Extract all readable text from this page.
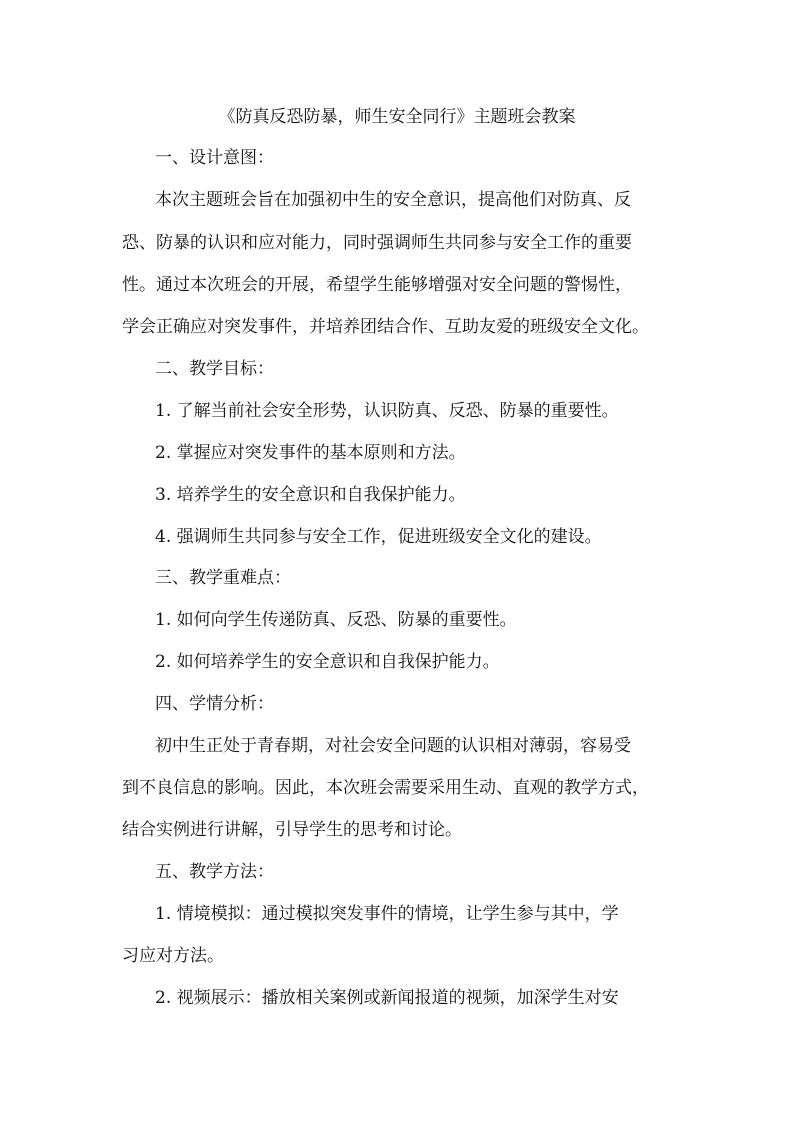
《防真反恐防暴，师生安全同行》主题班会教案
一、设计意图：
本次主题班会旨在加强初中生的安全意识，提高他们对防真、反
恐、防暴的认识和应对能力，同时强调师生共同参与安全工作的重要
性。通过本次班会的开展，希望学生能够增强对安全问题的警惕性，
学会正确应对突发事件，并培养团结合作、互助友爱的班级安全文化。
二、教学目标：
1. 了解当前社会安全形势，认识防真、反恐、防暴的重要性。
2. 掌握应对突发事件的基本原则和方法。
3. 培养学生的安全意识和自我保护能力。
4. 强调师生共同参与安全工作，促进班级安全文化的建设。
三、教学重难点：
1. 如何向学生传递防真、反恐、防暴的重要性。
2. 如何培养学生的安全意识和自我保护能力。
四、学情分析：
初中生正处于青春期，对社会安全问题的认识相对薄弱，容易受
到不良信息的影响。因此，本次班会需要采用生动、直观的教学方式，
结合实例进行讲解，引导学生的思考和讨论。
五、教学方法：
1. 情境模拟：通过模拟突发事件的情境，让学生参与其中，学
习应对方法。
2. 视频展示：播放相关案例或新闻报道的视频，加深学生对安
